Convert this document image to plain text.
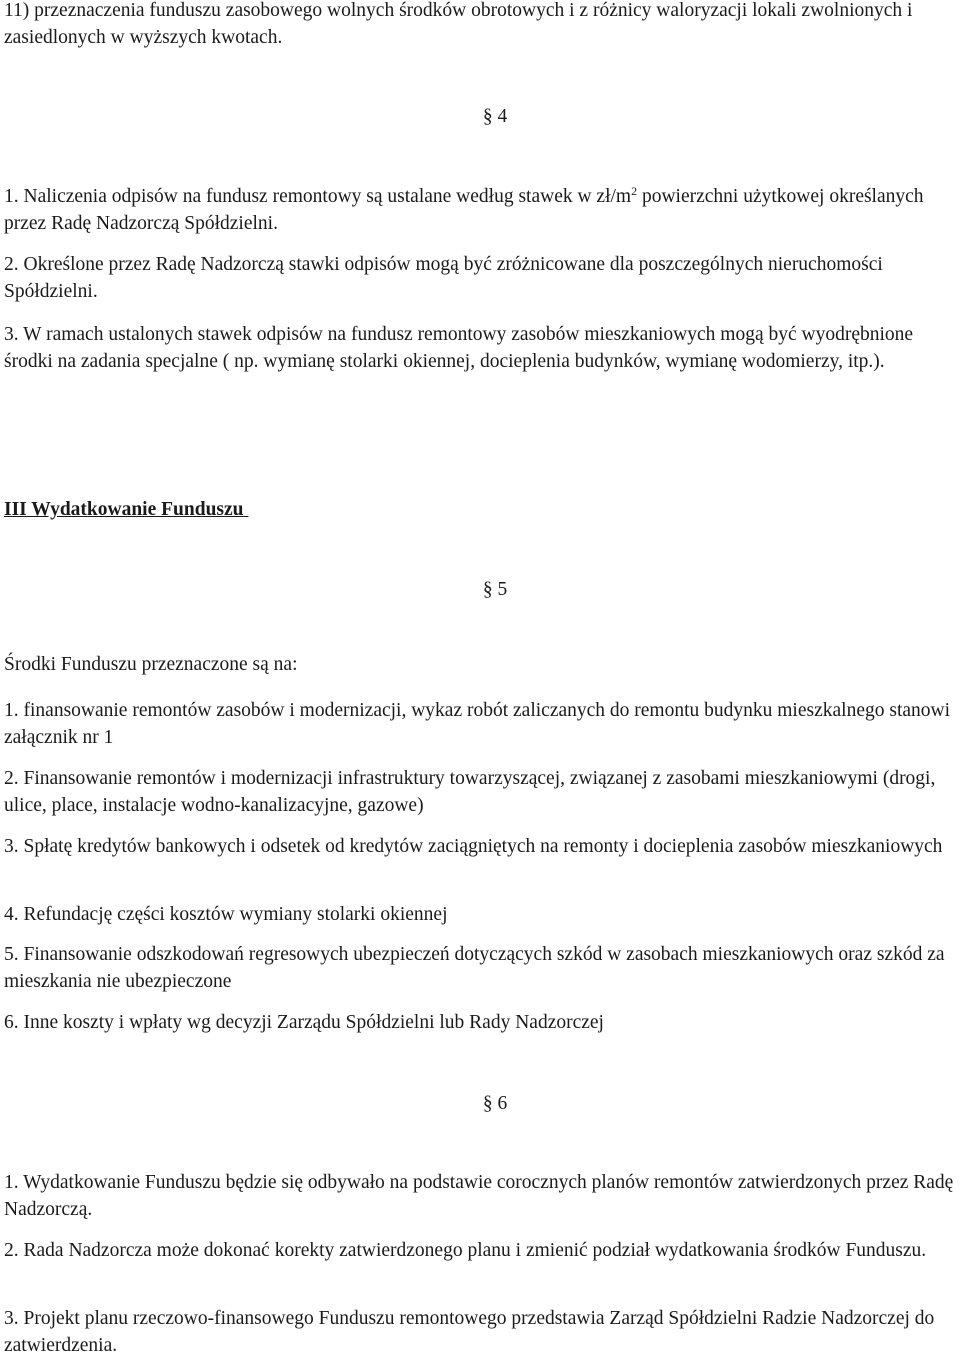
11) przeznaczenia funduszu zasobowego wolnych środków obrotowych i z różnicy waloryzacji lokali zwolnionych i zasiedlonych w wyższych kwotach.

§ 4

1. Naliczenia odpisów na fundusz remontowy są ustalane według stawek w $zł/m^2$ powierzchni użytkowej określanych przez Radę Nadzorczą Spółdzielni.

2. Określone przez Radę Nadzorczą stawki odpisów mogą być zróżnicowane dla poszczególnych nieruchomości Spółdzielni.

3. W ramach ustalonych stawek odpisów na fundusz remontowy zasobów mieszkaniowych mogą być wyodrębnione środki na zadania specjalne ( np. wymianę stolarki okiennej, docieplenia budynków, wymianę wodomierzy, itp.).

III Wydatkowanie Funduszu

§ 5

Środki Funduszu przeznaczone są na:

1. finansowanie remontów zasobów i modernizacji, wykaz robót zaliczanych do remontu budynku mieszkalnego stanowi załącznik nr 1

2. Finansowanie remontów i modernizacji infrastruktury towarzyszącej, związanej z zasobami mieszkaniowymi (drogi, ulice, place, instalacje wodno-kanalizacyjne, gazowe)

3. Spłatę kredytów bankowych i odsetek od kredytów zaciągniętych na remonty i docieplenia zasobów mieszkaniowych

4. Refundację części kosztów wymiany stolarki okiennej

5. Finansowanie odszkodowań regresowych ubezpieczeń dotyczących szkód w zasobach mieszkaniowych oraz szkód za mieszkania nie ubezpieczone

6. Inne koszty i wpłaty wg decyzji Zarządu Spółdzielni lub Rady Nadzorczej

§ 6

1. Wydatkowanie Funduszu będzie się odbywało na podstawie corocznych planów remontów zatwierdzonych przez Radę Nadzorczą.

2. Rada Nadzorcza może dokonać korekty zatwierdzonego planu i zmienić podział wydatkowania środków Funduszu.

3. Projekt planu rzeczowo-finansowego Funduszu remontowego przedstawia Zarząd Spółdzielni Radzie Nadzorczej do zatwierdzenia.
